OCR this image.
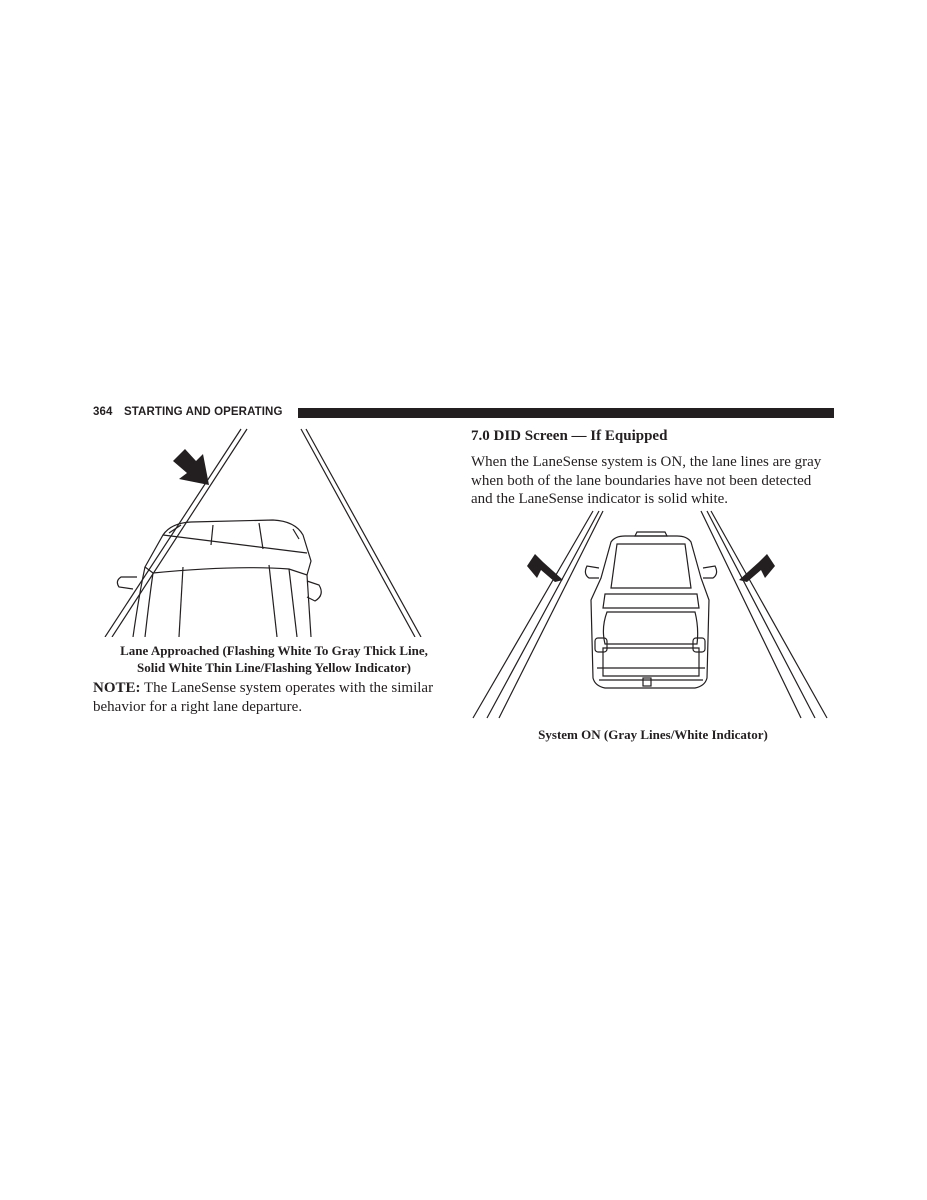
364 STARTING AND OPERATING
Lane Approached (Flashing White To Gray Thick Line,
Solid White Thin Line/Flashing Yellow Indicator)
NOTE: The LaneSense system operates with the similar
behavior for a right lane departure.
7.0 DID Screen — If Equipped
When the LaneSense system is ON, the lane lines are gray
when both of the lane boundaries have not been detected
and the LaneSense indicator is solid white.
System ON (Gray Lines/White Indicator)
